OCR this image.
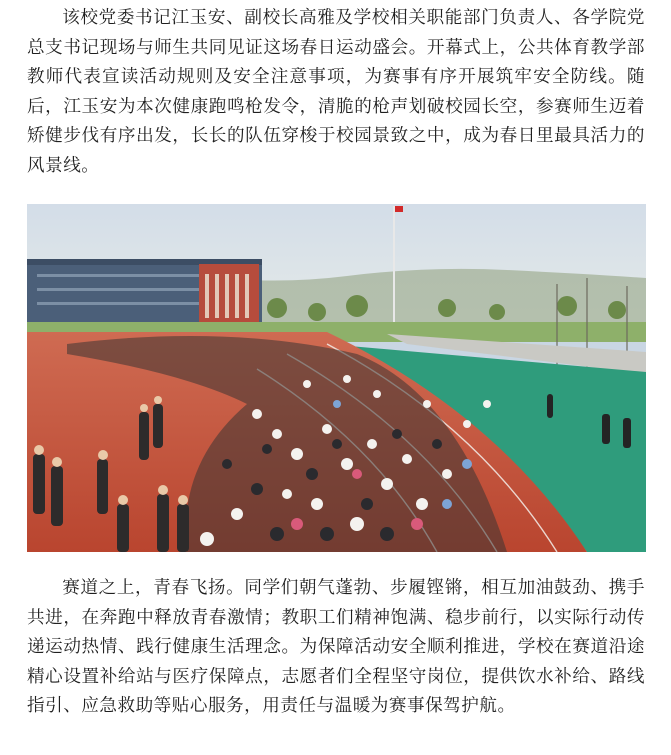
该校党委书记江玉安、副校长高雅及学校相关职能部门负责人、各学院党总支书记现场与师生共同见证这场春日运动盛会。开幕式上，公共体育教学部教师代表宣读活动规则及安全注意事项，为赛事有序开展筑牢安全防线。随后，江玉安为本次健康跑鸣枪发令，清脆的枪声划破校园长空，参赛师生迈着矫健步伐有序出发，长长的队伍穿梭于校园景致之中，成为春日里最具活力的风景线。

赛道之上，青春飞扬。同学们朝气蓬勃、步履铿锵，相互加油鼓劲、携手共进，在奔跑中释放青春激情；教职工们精神饱满、稳步前行，以实际行动传递运动热情、践行健康生活理念。为保障活动安全顺利推进，学校在赛道沿途精心设置补给站与医疗保障点，志愿者们全程坚守岗位，提供饮水补给、路线指引、应急救助等贴心服务，用责任与温暖为赛事保驾护航。
